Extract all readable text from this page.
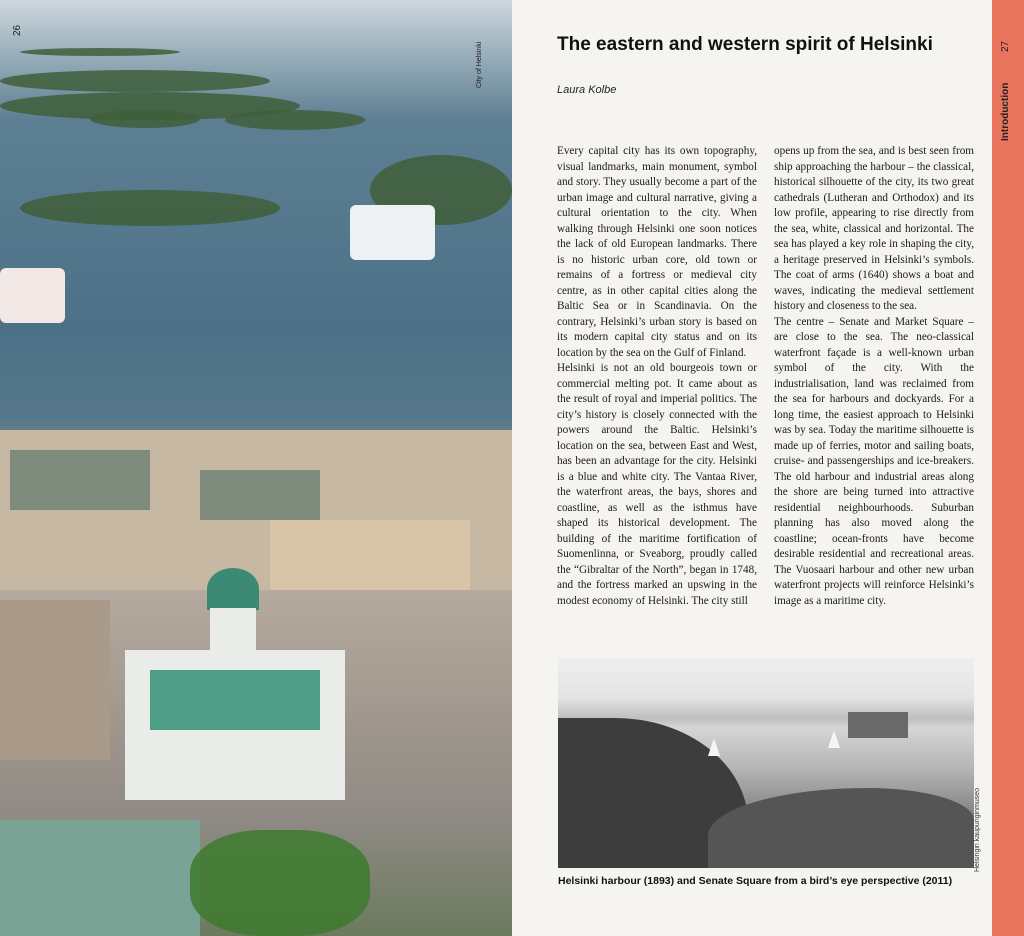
26
City of Helsinki	The eastern and western spirit of Helsinki
Laura Kolbe

Every capital city has its own topography, visual landmarks, main monument, symbol and story. They usually become a part of the urban image and cultural narrative, giving a cultural orientation to the city. When walking through Helsinki one soon notices the lack of old European landmarks. There is no historic urban core, old town or remains of a fortress or medieval city centre, as in other capital cities along the Baltic Sea or in Scandinavia. On the contrary, Helsinki’s urban story is based on its modern capital city status and on its location by the sea on the Gulf of Finland.

Helsinki is not an old bourgeois town or commercial melting pot. It came about as the result of royal and imperial politics. The city’s history is closely connected with the powers around the Baltic. Helsinki’s location on the sea, between East and West, has been an advantage for the city. Helsinki is a blue and white city. The Vantaa River, the waterfront areas, the bays, shores and coastline, as well as the isthmus have shaped its historical development. The building of the maritime fortification of Suomenlinna, or Sveaborg, proudly called the “Gibraltar of the North”, began in 1748, and the fortress marked an upswing in the modest economy of Helsinki. The city still

opens up from the sea, and is best seen from ship approaching the harbour – the classical, historical silhouette of the city, its two great cathedrals (Lutheran and Orthodox) and its low profile, appearing to rise directly from the sea, white, classical and horizontal. The sea has played a key role in shaping the city, a heritage preserved in Helsinki’s symbols. The coat of arms (1640) shows a boat and waves, indicating the medieval settlement history and closeness to the sea.

The centre – Senate and Market Square – are close to the sea. The neo-classical waterfront façade is a well-known urban symbol of the city. With the industrialisation, land was reclaimed from the sea for harbours and dockyards. For a long time, the easiest approach to Helsinki was by sea. Today the maritime silhouette is made up of ferries, motor and sailing boats, cruise- and passengerships and ice-breakers. The old harbour and industrial areas along the shore are being turned into attractive residential neighbourhoods. Suburban planning has also moved along the coastline; ocean-fronts have become desirable residential and recreational areas. The Vuosaari harbour and other new urban waterfront projects will reinforce Helsinki’s image as a maritime city.

Helsingin kaupunginmuseo
Helsinki harbour (1893) and Senate Square from a bird’s eye perspective (2011)
27
Introduction
